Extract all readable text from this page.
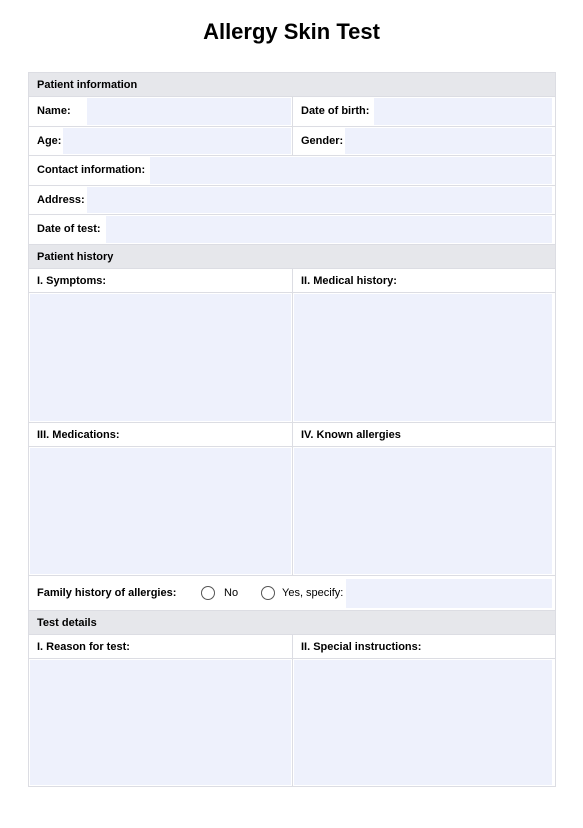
Allergy Skin Test
Patient information
Name:	Date of birth:
Age:	Gender:
Contact information:
Address:
Date of test:
Patient history
I. Symptoms:	II. Medical history:
III. Medications:	IV. Known allergies
Family history of allergies:	No	Yes, specify:
Test details
I. Reason for test:	II. Special instructions:
